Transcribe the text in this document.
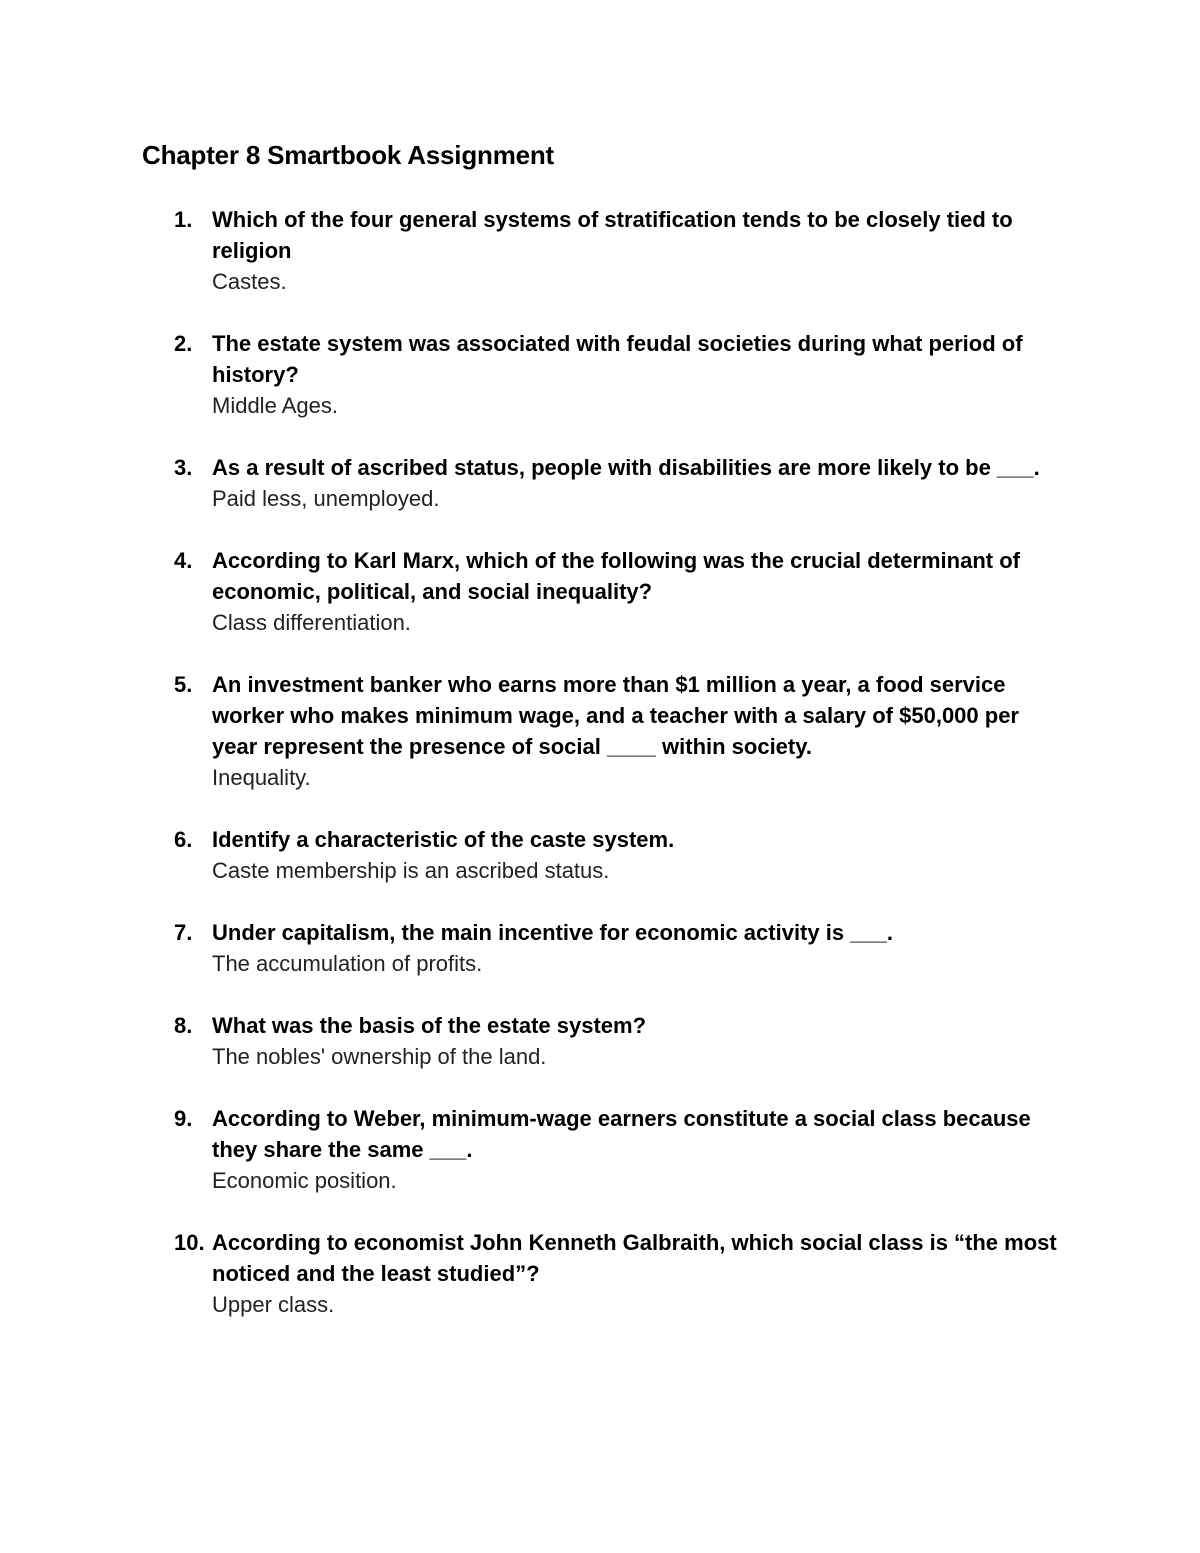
Chapter 8 Smartbook Assignment
1. Which of the four general systems of stratification tends to be closely tied to religion
Castes.
2. The estate system was associated with feudal societies during what period of history?
Middle Ages.
3. As a result of ascribed status, people with disabilities are more likely to be ___.
Paid less, unemployed.
4. According to Karl Marx, which of the following was the crucial determinant of economic, political, and social inequality?
Class differentiation.
5. An investment banker who earns more than $1 million a year, a food service worker who makes minimum wage, and a teacher with a salary of $50,000 per year represent the presence of social ____ within society.
Inequality.
6. Identify a characteristic of the caste system.
Caste membership is an ascribed status.
7. Under capitalism, the main incentive for economic activity is ___.
The accumulation of profits.
8. What was the basis of the estate system?
The nobles' ownership of the land.
9. According to Weber, minimum-wage earners constitute a social class because they share the same ___.
Economic position.
10. According to economist John Kenneth Galbraith, which social class is “the most noticed and the least studied”?
Upper class.
